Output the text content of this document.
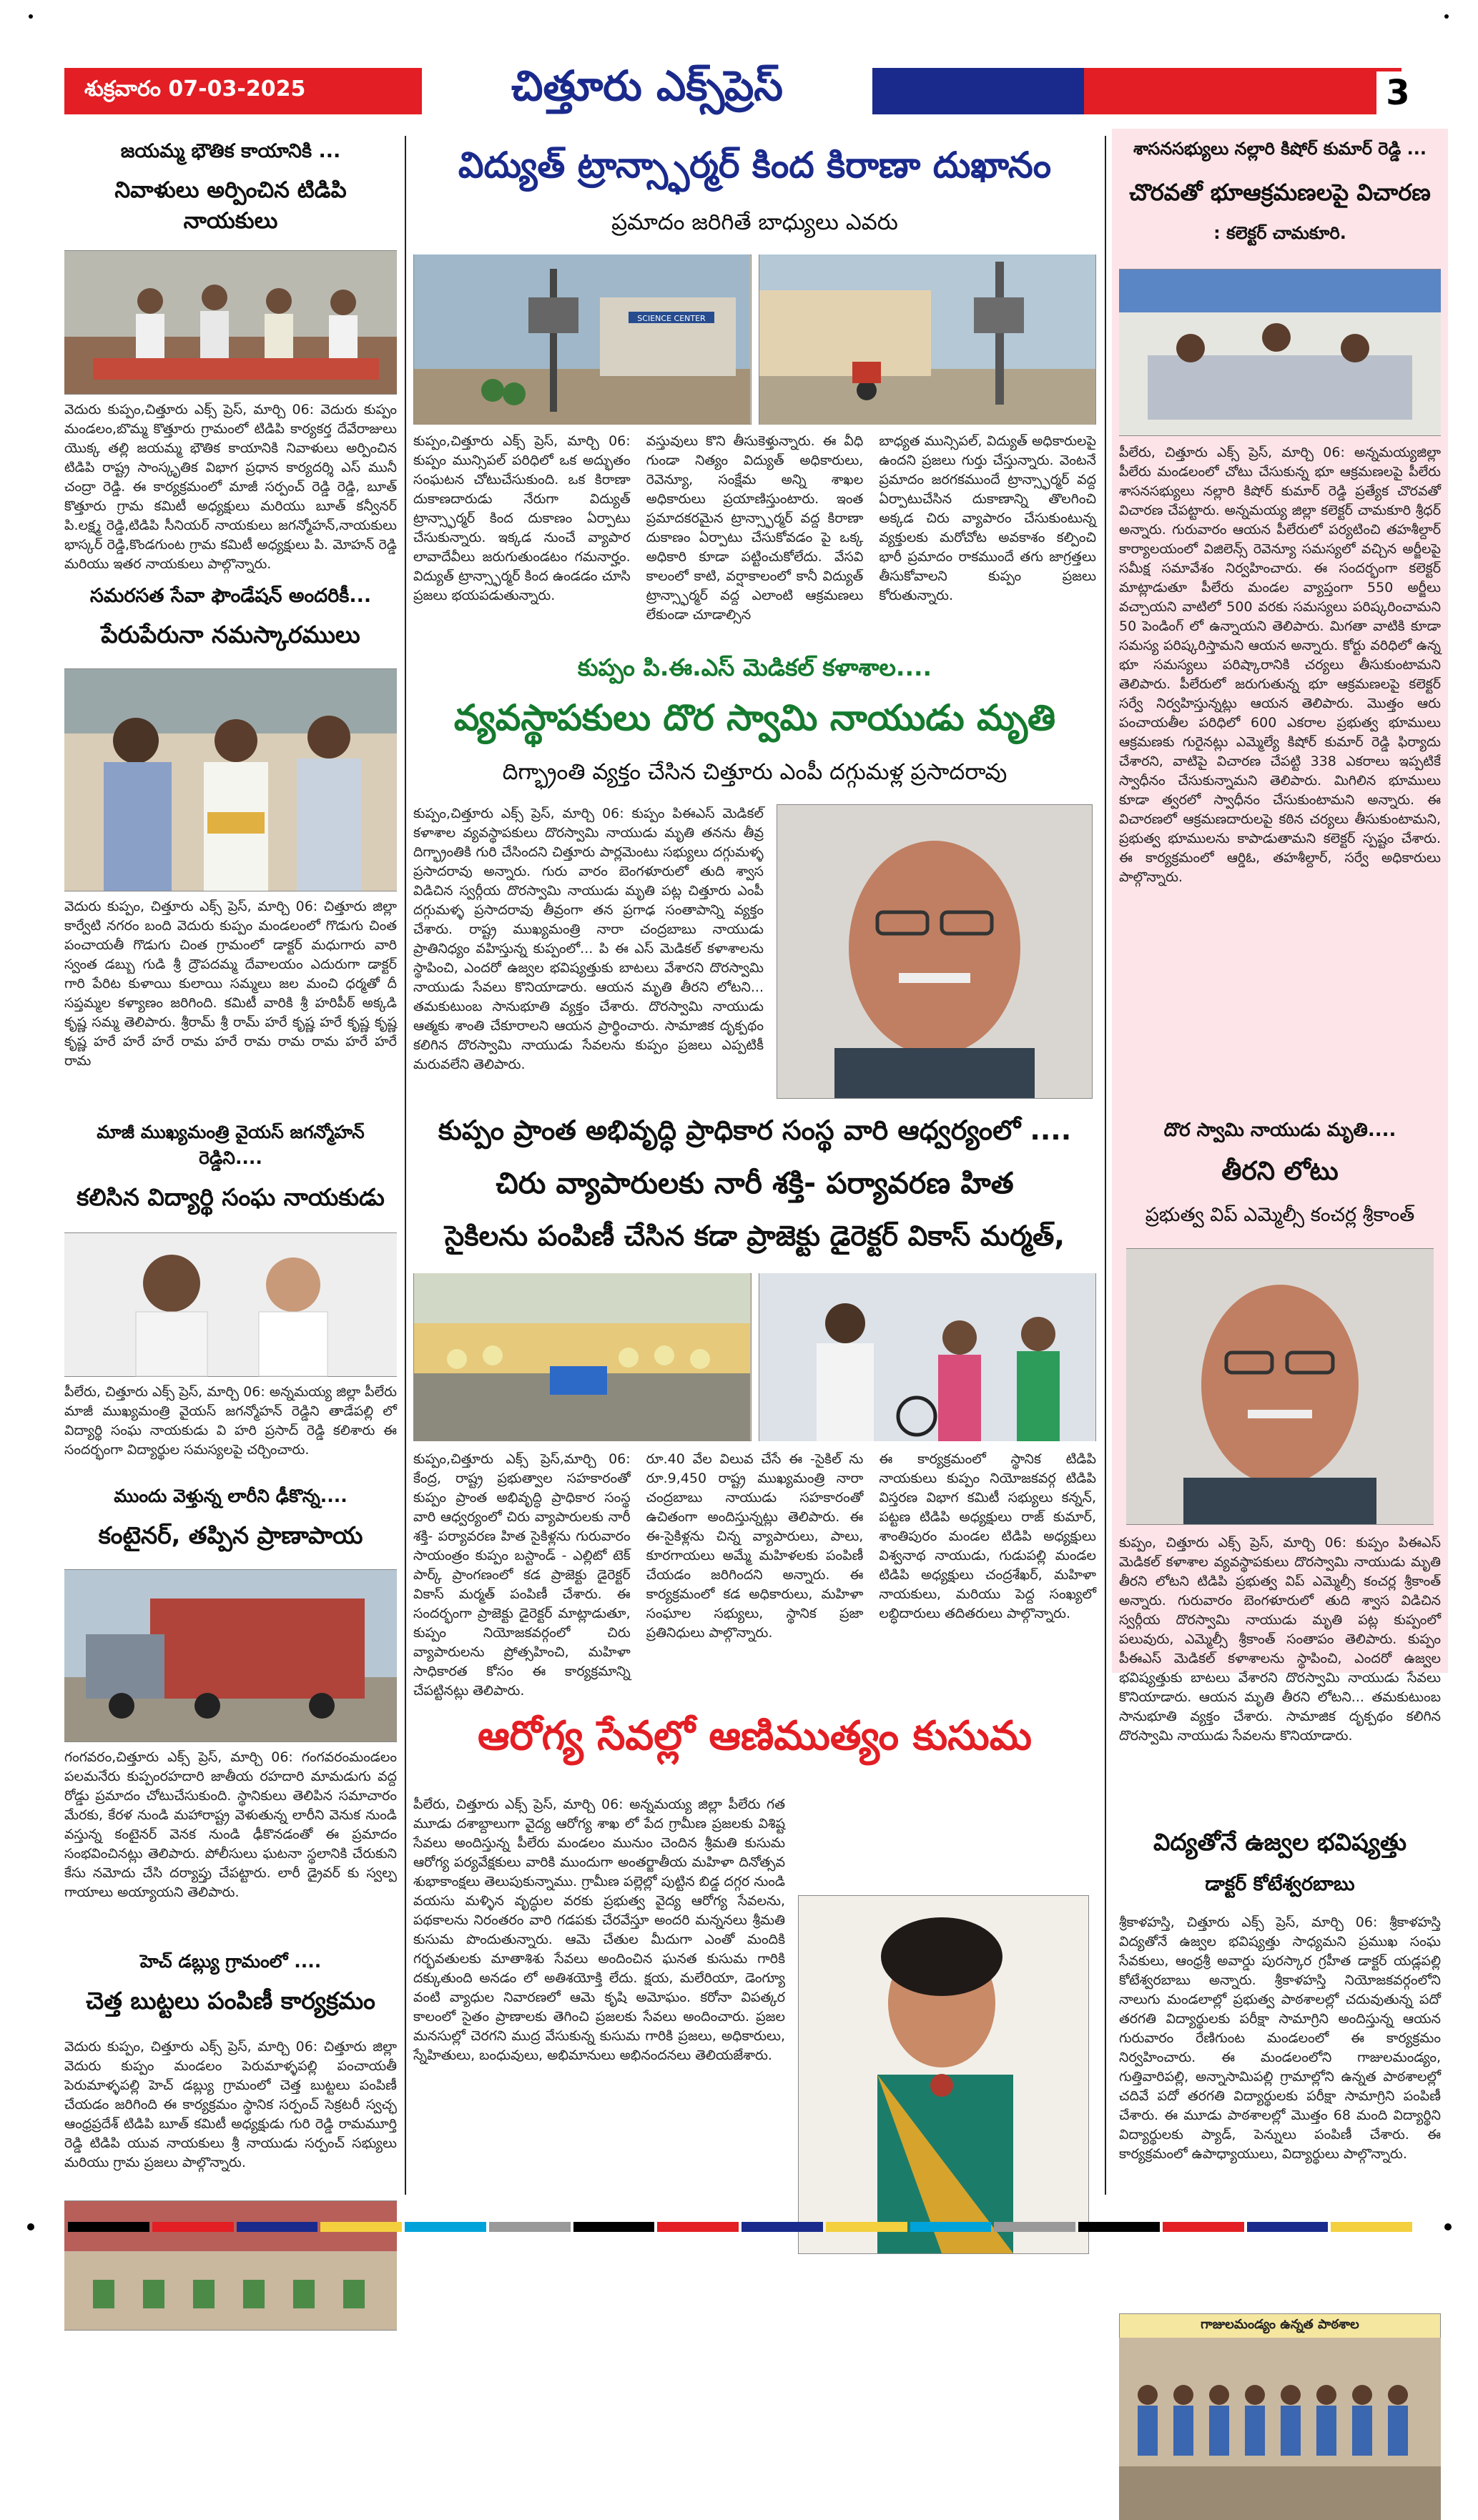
శుక్రవారం 07-03-2025	చిత్తూరు ఎక్స్‌ప్రెస్	3
జయమ్మ భౌతిక కాయానికి ...
నివాళులు అర్పించిన టిడిపి నాయకులు
వెదురు కుప్పం,చిత్తూరు ఎక్స్ ప్రెస్, మార్చి 06: వెదురు కుప్పం మండలం,బొమ్మ కొత్తూరు గ్రామంలో టిడిపి కార్యకర్త దేవేరాజులు యొక్క తల్లి జయమ్మ భౌతిక కాయానికి నివాళులు అర్పించిన టిడిపి రాష్ట్ర సాంస్కృతిక విభాగ ప్రధాన కార్యదర్శి ఎస్ మునీ చంద్రా రెడ్డి. ఈ కార్యక్రమంలో మాజీ సర్పంచ్ రెడ్డి రెడ్డి, బూత్ కొత్తూరు గ్రామ కమిటీ అధ్యక్షులు మరియు బూత్ కన్వీనర్ పి.లక్ష్మ రెడ్డి,టిడిపి సీనియర్ నాయకులు జగన్మోహన్,నాయకులు భాస్కర్ రెడ్డి,కొండగుంట గ్రామ కమిటీ అధ్యక్షులు పి. మోహన్ రెడ్డి మరియు ఇతర నాయకులు పాల్గొన్నారు.
సమరసత సేవా ఫౌండేషన్ అందరికీ...
పేరుపేరునా నమస్కారములు
వెదురు కుప్పం, చిత్తూరు ఎక్స్ ప్రెస్, మార్చి 06: చిత్తూరు జిల్లా కార్వేటి నగరం బంది వెదురు కుప్పం మండలంలో గొడుగు చింత పంచాయతీ గొడుగు చింత గ్రామంలో డాక్టర్ మధుగారు వారి స్వంత డబ్బు గుడి శ్రీ ద్రౌపదమ్మ దేవాలయం ఎదురుగా డాక్టర్ గారి పేరిట కుళాయి కులాయి సమ్మలు జల మంచి ధర్మతో దీ సప్తమ్మల కళ్యాణం జరిగింది. కమిటీ వారికి శ్రీ హరిపీఠ్ అక్కడి కృష్ణ సమ్మ తెలిపారు. శ్రీరామ్ శ్రీ రామ్ హరే కృష్ణ హరే కృష్ణ కృష్ణ కృష్ణ హరే హరే హరే రామ హరే రామ రామ రామ హరే హరే రామ
మాజీ ముఖ్యమంత్రి వైయస్ జగన్మోహన్ రెడ్డిని....
కలిసిన విద్యార్థి సంఘ నాయకుడు
పీలేరు, చిత్తూరు ఎక్స్ ప్రెస్, మార్చి 06: అన్నమయ్య జిల్లా పీలేరు మాజీ ముఖ్యమంత్రి వైయస్ జగన్మోహన్ రెడ్డిని తాడేపల్లి లో విద్యార్థి సంఘ నాయకుడు వి హరి ప్రసాద్ రెడ్డి కలిశారు ఈ సందర్భంగా విద్యార్థుల సమస్యలపై చర్చించారు.
ముందు వెళ్తున్న లారీని ఢీకొన్న....
కంటైనర్, తప్పిన ప్రాణాపాయ
గంగవరం,చిత్తూరు ఎక్స్ ప్రెస్, మార్చి 06: గంగవరంమండలం పలమనేరు కుప్పంరహదారి జాతీయ రహదారి మామడుగు వద్ద రోడ్డు ప్రమాదం చోటుచేసుకుంది. స్థానికులు తెలిపిన సమాచారం మేరకు, కేరళ నుండి మహారాష్ట్ర వెళుతున్న లారీని వెనుక నుండి వస్తున్న కంటైనర్ వెనక నుండి ఢీకొనడంతో ఈ ప్రమాదం సంభవించినట్లు తెలిపారు. పోలీసులు ఘటనా స్థలానికి చేరుకుని కేసు నమోదు చేసి దర్యాప్తు చేపట్టారు. లారీ డ్రైవర్ కు స్వల్ప గాయాలు అయ్యాయని తెలిపారు.
హెచ్ డబ్ల్యు గ్రామంలో ....
చెత్త బుట్టలు పంపిణీ కార్యక్రమం
వెదురు కుప్పం, చిత్తూరు ఎక్స్ ప్రెస్, మార్చి 06: చిత్తూరు జిల్లా వెదురు కుప్పం మండలం పెరుమాళ్ళపల్లి పంచాయతీ పెరుమాళ్ళపల్లి హెచ్ డబ్ల్యు గ్రామంలో చెత్త బుట్టలు పంపిణీ చేయడం జరిగింది ఈ కార్యక్రమం స్థానిక సర్పంచ్ సెక్రటరీ స్వచ్ఛ ఆంధ్రప్రదేశ్ టిడిపి బూత్ కమిటీ అధ్యక్షుడు గురి రెడ్డి రామమూర్తి రెడ్డి టిడిపి యువ నాయకులు శ్రీ నాయుడు సర్పంచ్ సభ్యులు మరియు గ్రామ ప్రజలు పాల్గొన్నారు.
విద్యుత్ ట్రాన్స్ఫార్మర్ కింద కిరాణా దుఖానం
ప్రమాదం జరిగితే బాధ్యులు ఎవరు
SCIENCE CENTER
కుప్పం,చిత్తూరు ఎక్స్ ప్రెస్, మార్చి 06: కుప్పం మున్సిపల్ పరిధిలో ఒక అద్భుతం సంఘటన చోటుచేసుకుంది. ఒక కిరాణా దుకాణదారుడు నేరుగా విద్యుత్ ట్రాన్స్ఫార్మర్ కింద దుకాణం ఏర్పాటు చేసుకున్నారు. ఇక్కడ నుంచే వ్యాపార లావాదేవీలు జరుగుతుండటం గమనార్హం. విద్యుత్ ట్రాన్స్ఫార్మర్ కింద ఉండడం చూసి ప్రజలు భయపడుతున్నారు.
వస్తువులు కొని తీసుకెళ్తున్నారు. ఈ వీధి గుండా నిత్యం విద్యుత్ అధికారులు, రెవెన్యూ, సంక్షేమ అన్ని శాఖల అధికారులు ప్రయాణిస్తుంటారు. ఇంత ప్రమాదకరమైన ట్రాన్స్ఫార్మర్ వద్ద కిరాణా దుకాణం ఏర్పాటు చేసుకోవడం పై ఒక్క అధికారి కూడా పట్టించుకోలేదు. వేసవి కాలంలో కాటి, వర్షాకాలంలో కానీ విద్యుత్ ట్రాన్స్ఫార్మర్ వద్ద ఎలాంటి ఆక్రమణలు లేకుండా చూడాల్సిన
బాధ్యత మున్సిపల్, విద్యుత్ అధికారులపై ఉందని ప్రజలు గుర్తు చేస్తున్నారు. వెంటనే ప్రమాదం జరగకముందే ట్రాన్స్ఫార్మర్ వద్ద ఏర్పాటుచేసిన దుకాణాన్ని తొలగించి అక్కడ చిరు వ్యాపారం చేసుకుంటున్న వ్యక్తులకు మరోచోట అవకాశం కల్పించి భారీ ప్రమాదం రాకముందే తగు జాగ్రత్తలు తీసుకోవాలని కుప్పం ప్రజలు కోరుతున్నారు.
కుప్పం పి.ఈ.ఎస్ మెడికల్ కళాశాల....
వ్యవస్థాపకులు దొర స్వామి నాయుడు మృతి
దిగ్భ్రాంతి వ్యక్తం చేసిన చిత్తూరు ఎంపీ దగ్గుమళ్ల ప్రసాదరావు
కుప్పం,చిత్తూరు ఎక్స్ ప్రెస్, మార్చి 06: కుప్పం పిఈఎస్ మెడికల్ కళాశాల వ్యవస్థాపకులు దొరస్వామి నాయుడు మృతి తనను తీవ్ర దిగ్భ్రాంతికి గురి చేసిందని చిత్తూరు పార్లమెంటు సభ్యులు దగ్గుమళ్ళ ప్రసాదరావు అన్నారు. గురు వారం బెంగళూరులో తుది శ్వాస విడిచిన స్వర్గీయ దొరస్వామి నాయుడు మృతి పట్ల చిత్తూరు ఎంపీ దగ్గుమళ్ళ ప్రసాదరావు తీవ్రంగా తన ప్రగాఢ సంతాపాన్ని వ్యక్తం చేశారు. రాష్ట్ర ముఖ్యమంత్రి నారా చంద్రబాబు నాయుడు ప్రాతినిధ్యం వహిస్తున్న కుప్పంలో... పి ఈ ఎస్ మెడికల్ కళాశాలను స్థాపించి, ఎందరో ఉజ్వల భవిష్యత్తుకు బాటలు వేశారని దొరస్వామి నాయుడు సేవలు కొనియాడారు. ఆయన మృతి తీరని లోటని... తమకుటుంబ సానుభూతి వ్యక్తం చేశారు. దొరస్వామి నాయుడు ఆత్మకు శాంతి చేకూరాలని ఆయన ప్రార్థించారు. సామాజిక దృక్పథం కలిగిన దొరస్వామి నాయుడు సేవలను కుప్పం ప్రజలు ఎప్పటికీ మరువలేని తెలిపారు.
కుప్పం ప్రాంత అభివృద్ధి ప్రాధికార సంస్థ వారి ఆధ్వర్యంలో ....
చిరు వ్యాపారులకు నారీ శక్తి- పర్యావరణ హిత
సైకిలను పంపిణీ చేసిన కడా ప్రాజెక్టు డైరెక్టర్ వికాస్ మర్మత్,
కుప్పం,చిత్తూరు ఎక్స్ ప్రెస్,మార్చి 06: కేంద్ర, రాష్ట్ర ప్రభుత్వాల సహకారంతో కుప్పం ప్రాంత అభివృద్ధి ప్రాధికార సంస్థ వారి ఆధ్వర్యంలో చిరు వ్యాపారులకు నారీ శక్తి- పర్యావరణ హిత సైకిళ్లను గురువారం సాయంత్రం కుప్పం బస్టాండ్ - ఎల్లిటో టెక్ పార్క్ ప్రాంగణంలో కడ ప్రాజెక్టు డైరెక్టర్ వికాస్ మర్మత్ పంపిణీ చేశారు. ఈ సందర్భంగా ప్రాజెక్టు డైరెక్టర్ మాట్లాడుతూ, కుప్పం నియోజకవర్గంలో చిరు వ్యాపారులను ప్రోత్సహించి, మహిళా సాధికారత కోసం ఈ కార్యక్రమాన్ని చేపట్టినట్లు తెలిపారు.
రూ.40 వేల విలువ చేసే ఈ -సైకిల్ ను రూ.9,450 రాష్ట్ర ముఖ్యమంత్రి నారా చంద్రబాబు నాయుడు సహకారంతో ఉచితంగా అందిస్తున్నట్లు తెలిపారు. ఈ ఈ-సైకిళ్లను చిన్న వ్యాపారులు, పాలు, కూరగాయలు అమ్మే మహిళలకు పంపిణీ చేయడం జరిగిందని అన్నారు. ఈ కార్యక్రమంలో కడ అధికారులు, మహిళా సంఘాల సభ్యులు, స్థానిక ప్రజా ప్రతినిధులు పాల్గొన్నారు.
ఈ కార్యక్రమంలో స్థానిక టిడిపి నాయకులు కుప్పం నియోజకవర్గ టిడిపి విస్తరణ విభాగ కమిటీ సభ్యులు కన్నన్, పట్టణ టిడిపి అధ్యక్షులు రాజ్ కుమార్, శాంతిపురం మండల టిడిపి అధ్యక్షులు విశ్వనాథ నాయుడు, గుడుపల్లి మండల టిడిపి అధ్యక్షులు చంద్రశేఖర్, మహిళా నాయకులు, మరియు పెద్ద సంఖ్యలో లబ్ధిదారులు తదితరులు పాల్గొన్నారు.
ఆరోగ్య సేవల్లో ఆణిముత్యం కుసుమ
పీలేరు, చిత్తూరు ఎక్స్ ప్రెస్, మార్చి 06: అన్నమయ్య జిల్లా పీలేరు గత మూడు దశాబ్దాలుగా వైద్య ఆరోగ్య శాఖ లో పేద గ్రామీణ ప్రజలకు విశిష్ట సేవలు అందిస్తున్న పీలేరు మండలం మునుం చెందిన శ్రీమతి కుసుమ ఆరోగ్య పర్యవేక్షకులు వారికి ముందుగా అంతర్జాతీయ మహిళా దినోత్సవ శుభాకాంక్షలు తెలుపుకున్నాము. గ్రామీణ పల్లెల్లో పుట్టిన బిడ్డ దగ్గర నుండి వయసు మళ్ళిన వృద్ధుల వరకు ప్రభుత్వ వైద్య ఆరోగ్య సేవలను, పథకాలను నిరంతరం వారి గడపకు చేరవేస్తూ అందరి మన్ననలు శ్రీమతి కుసుమ పొందుతున్నారు. ఆమె చేతుల మీదుగా ఎంతో మందికి గర్భవతులకు మాతాశిశు సేవలు అందించిన ఘనత కుసుమ గారికి దక్కుతుంది అనడం లో అతిశయోక్తి లేదు. క్షయ, మలేరియా, డెంగ్యూ వంటి వ్యాధుల నివారణలో ఆమె కృషి అమోఘం. కరోనా విపత్కర కాలంలో సైతం ప్రాణాలకు తెగించి ప్రజలకు సేవలు అందించారు. ప్రజల మనసుల్లో చెరగని ముద్ర వేసుకున్న కుసుమ గారికి ప్రజలు, అధికారులు, స్నేహితులు, బంధువులు, అభిమానులు అభినందనలు తెలియజేశారు.
శాసనసభ్యులు నల్లారి కిషోర్ కుమార్ రెడ్డి ...
చొరవతో భూఆక్రమణలపై విచారణ
: కలెక్టర్ చామకూరి.
పీలేరు, చిత్తూరు ఎక్స్ ప్రెస్, మార్చి 06: అన్నమయ్యజిల్లా పీలేరు మండలంలో చోటు చేసుకున్న భూ ఆక్రమణలపై పీలేరు శాసనసభ్యులు నల్లారి కిషోర్ కుమార్ రెడ్డి ప్రత్యేక చొరవతో విచారణ చేపట్టారు. అన్నమయ్య జిల్లా కలెక్టర్ చామకూరి శ్రీధర్ అన్నారు. గురువారం ఆయన పీలేరులో పర్యటించి తహశీల్దార్ కార్యాలయంలో విజిలెన్స్ రెవెన్యూ సమస్యలో వచ్చిన అర్జీలపై సమీక్ష సమావేశం నిర్వహించారు. ఈ సందర్భంగా కలెక్టర్ మాట్లాడుతూ పీలేరు మండల వ్యాప్తంగా 550 అర్జీలు వచ్చాయని వాటిలో 500 వరకు సమస్యలు పరిష్కరించామని 50 పెండింగ్ లో ఉన్నాయని తెలిపారు. మిగతా వాటికి కూడా సమస్య పరిష్కరిస్తామని ఆయన అన్నారు. కోర్టు వరిధిలో ఉన్న భూ సమస్యలు పరిష్కారానికి చర్యలు తీసుకుంటామని తెలిపారు. పీలేరులో జరుగుతున్న భూ ఆక్రమణలపై కలెక్టర్ సర్వే నిర్వహిస్తున్నట్లు ఆయన తెలిపారు. మొత్తం ఆరు పంచాయతీల పరిధిలో 600 ఎకరాల ప్రభుత్వ భూములు ఆక్రమణకు గురైనట్లు ఎమ్మెల్యే కిషోర్ కుమార్ రెడ్డి ఫిర్యాదు చేశారని, వాటిపై విచారణ చేపట్టి 338 ఎకరాలు ఇప్పటికే స్వాధీనం చేసుకున్నామని తెలిపారు. మిగిలిన భూములు కూడా త్వరలో స్వాధీనం చేసుకుంటామని అన్నారు. ఈ విచారణలో ఆక్రమణదారులపై కఠిన చర్యలు తీసుకుంటామని, ప్రభుత్వ భూములను కాపాడుతామని కలెక్టర్ స్పష్టం చేశారు. ఈ కార్యక్రమంలో ఆర్డిఓ, తహశీల్దార్, సర్వే అధికారులు పాల్గొన్నారు.
దొర స్వామి నాయుడు మృతి....
తీరని లోటు
ప్రభుత్వ విప్ ఎమ్మెల్సీ కంచర్ల శ్రీకాంత్
కుప్పం, చిత్తూరు ఎక్స్ ప్రెస్, మార్చి 06: కుప్పం పిఈఎస్ మెడికల్ కళాశాల వ్యవస్థాపకులు దొరస్వామి నాయుడు మృతి తీరని లోటని టిడిపి ప్రభుత్వ విప్ ఎమ్మెల్సీ కంచర్ల శ్రీకాంత్ అన్నారు. గురువారం బెంగళూరులో తుది శ్వాస విడిచిన స్వర్గీయ దొరస్వామి నాయుడు మృతి పట్ల కుప్పంలో పలువురు, ఎమ్మెల్సీ శ్రీకాంత్ సంతాపం తెలిపారు. కుప్పం పీఈఎస్ మెడికల్ కళాశాలను స్థాపించి, ఎందరో ఉజ్వల భవిష్యత్తుకు బాటలు వేశారని దొరస్వామి నాయుడు సేవలు కొనియాడారు. ఆయన మృతి తీరని లోటని... తమకుటుంబ సానుభూతి వ్యక్తం చేశారు. సామాజిక దృక్పథం కలిగిన దొరస్వామి నాయుడు సేవలను కొనియాడారు.
విద్యతోనే ఉజ్వల భవిష్యత్తు
డాక్టర్ కోటేశ్వరబాబు
శ్రీకాళహస్తి, చిత్తూరు ఎక్స్ ప్రెస్, మార్చి 06: శ్రీకాళహస్తి విద్యతోనే ఉజ్వల భవిష్యత్తు సాధ్యమని ప్రముఖ సంఘ సేవకులు, ఆంధ్రశ్రీ అవార్డు పురస్కార గ్రహీత డాక్టర్ యడ్లపల్లి కోటేశ్వరబాబు అన్నారు. శ్రీకాళహస్తి నియోజకవర్గంలోని నాలుగు మండలాల్లో ప్రభుత్వ పాఠశాలల్లో చదువుతున్న పదో తరగతి విద్యార్థులకు పరీక్షా సామాగ్రిని అందిస్తున్న ఆయన గురువారం రేణిగుంట మండలంలో ఈ కార్యక్రమం నిర్వహించారు. ఈ మండలంలోని గాజులమండ్యం, గుత్తివారిపల్లి, అన్నాసామిపల్లి గ్రామాల్లోని ఉన్నత పాఠశాలల్లో చదివే పదో తరగతి విద్యార్థులకు పరీక్షా సామాగ్రిని పంపిణీ చేశారు. ఈ మూడు పాఠశాలల్లో మొత్తం 68 మంది విద్యార్థిని విద్యార్థులకు ప్యాడ్, పెన్నులు పంపిణీ చేశారు. ఈ కార్యక్రమంలో ఉపాధ్యాయులు, విద్యార్థులు పాల్గొన్నారు.
గాజులమండ్యం ఉన్నత పాఠశాల
